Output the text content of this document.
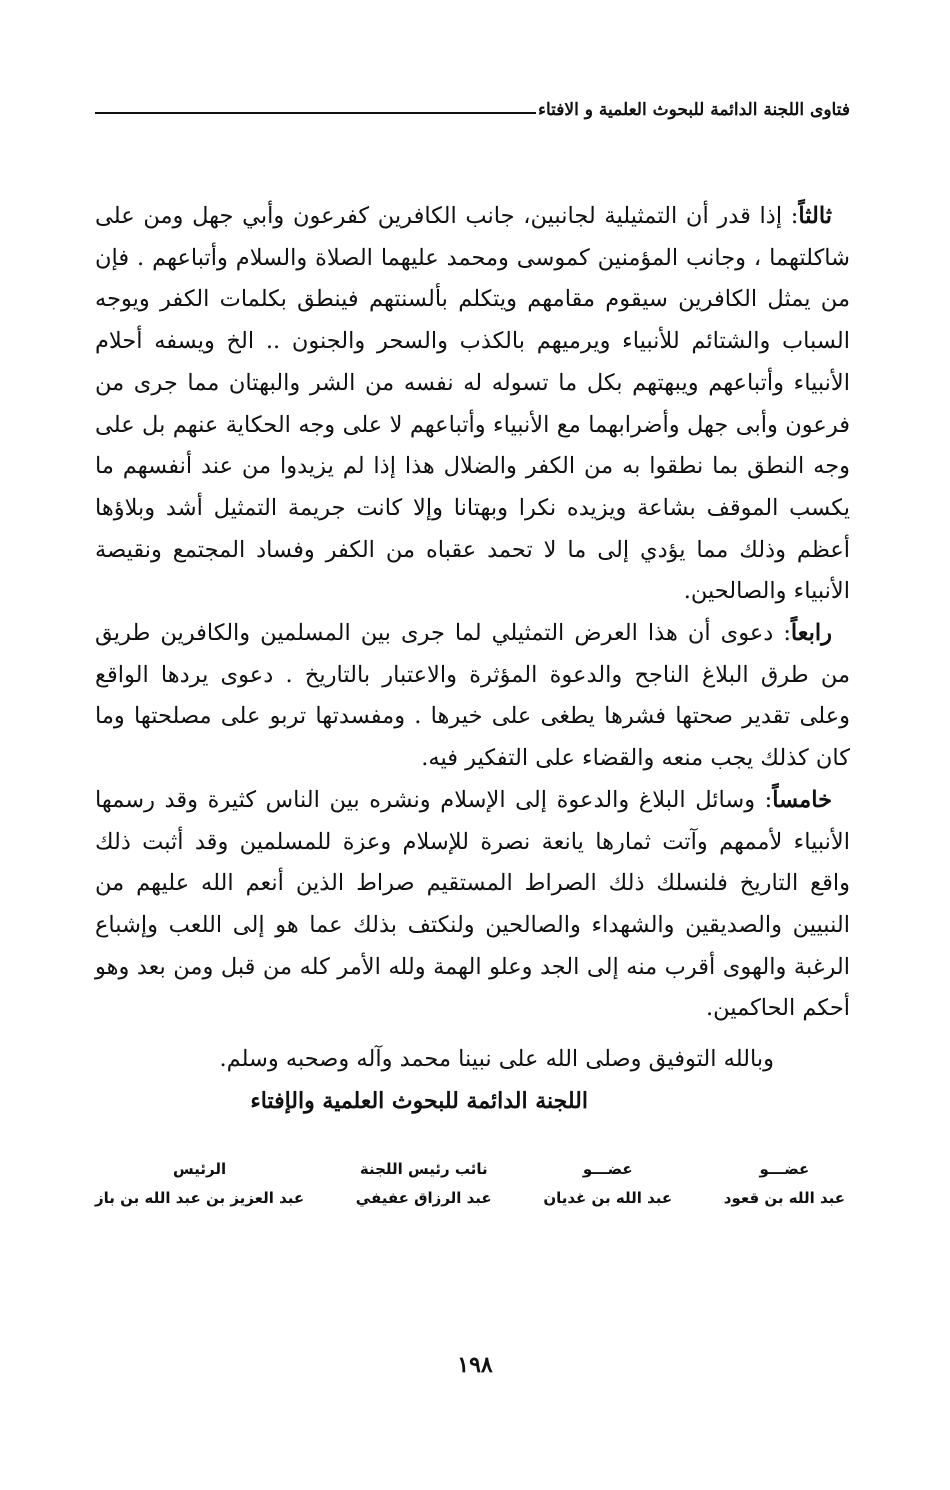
فتاوى اللجنة الدائمة للبحوث العلمية و الافتاء

ثالثاً: إذا قدر أن التمثيلية لجانبين، جانب الكافرين كفرعون وأبي جهل ومن على شاكلتهما ، وجانب المؤمنين كموسى ومحمد عليهما الصلاة والسلام وأتباعهم . فإن من يمثل الكافرين سيقوم مقامهم ويتكلم بألسنتهم فينطق بكلمات الكفر ويوجه السباب والشتائم للأنبياء ويرميهم بالكذب والسحر والجنون .. الخ ويسفه أحلام الأنبياء وأتباعهم ويبهتهم بكل ما تسوله له نفسه من الشر والبهتان مما جرى من فرعون وأبى جهل وأضرابهما مع الأنبياء وأتباعهم لا على وجه الحكاية عنهم بل على وجه النطق بما نطقوا به من الكفر والضلال هذا إذا لم يزيدوا من عند أنفسهم ما يكسب الموقف بشاعة ويزيده نكرا وبهتانا وإلا كانت جريمة التمثيل أشد وبلاؤها أعظم وذلك مما يؤدي إلى ما لا تحمد عقباه من الكفر وفساد المجتمع ونقيصة الأنبياء والصالحين.

رابعاً: دعوى أن هذا العرض التمثيلي لما جرى بين المسلمين والكافرين طريق من طرق البلاغ الناجح والدعوة المؤثرة والاعتبار بالتاريخ . دعوى يردها الواقع وعلى تقدير صحتها فشرها يطغى على خيرها . ومفسدتها تربو على مصلحتها وما كان كذلك يجب منعه والقضاء على التفكير فيه.

خامساً: وسائل البلاغ والدعوة إلى الإسلام ونشره بين الناس كثيرة وقد رسمها الأنبياء لأممهم وآتت ثمارها يانعة نصرة للإسلام وعزة للمسلمين وقد أثبت ذلك واقع التاريخ فلنسلك ذلك الصراط المستقيم صراط الذين أنعم الله عليهم من النبيين والصديقين والشهداء والصالحين ولنكتف بذلك عما هو إلى اللعب وإشباع الرغبة والهوى أقرب منه إلى الجد وعلو الهمة ولله الأمر كله من قبل ومن بعد وهو أحكم الحاكمين.

وبالله التوفيق وصلى الله على نبينا محمد وآله وصحبه وسلم.
اللجنة الدائمة للبحوث العلمية والإفتاء
عضـــو
عبد الله بن قعود
عضـــو
عبد الله بن غديان
نائب رئيس اللجنة
عبد الرزاق عفيفي
الرئيس
عبد العزيز بن عبد الله بن باز
١٩٨
